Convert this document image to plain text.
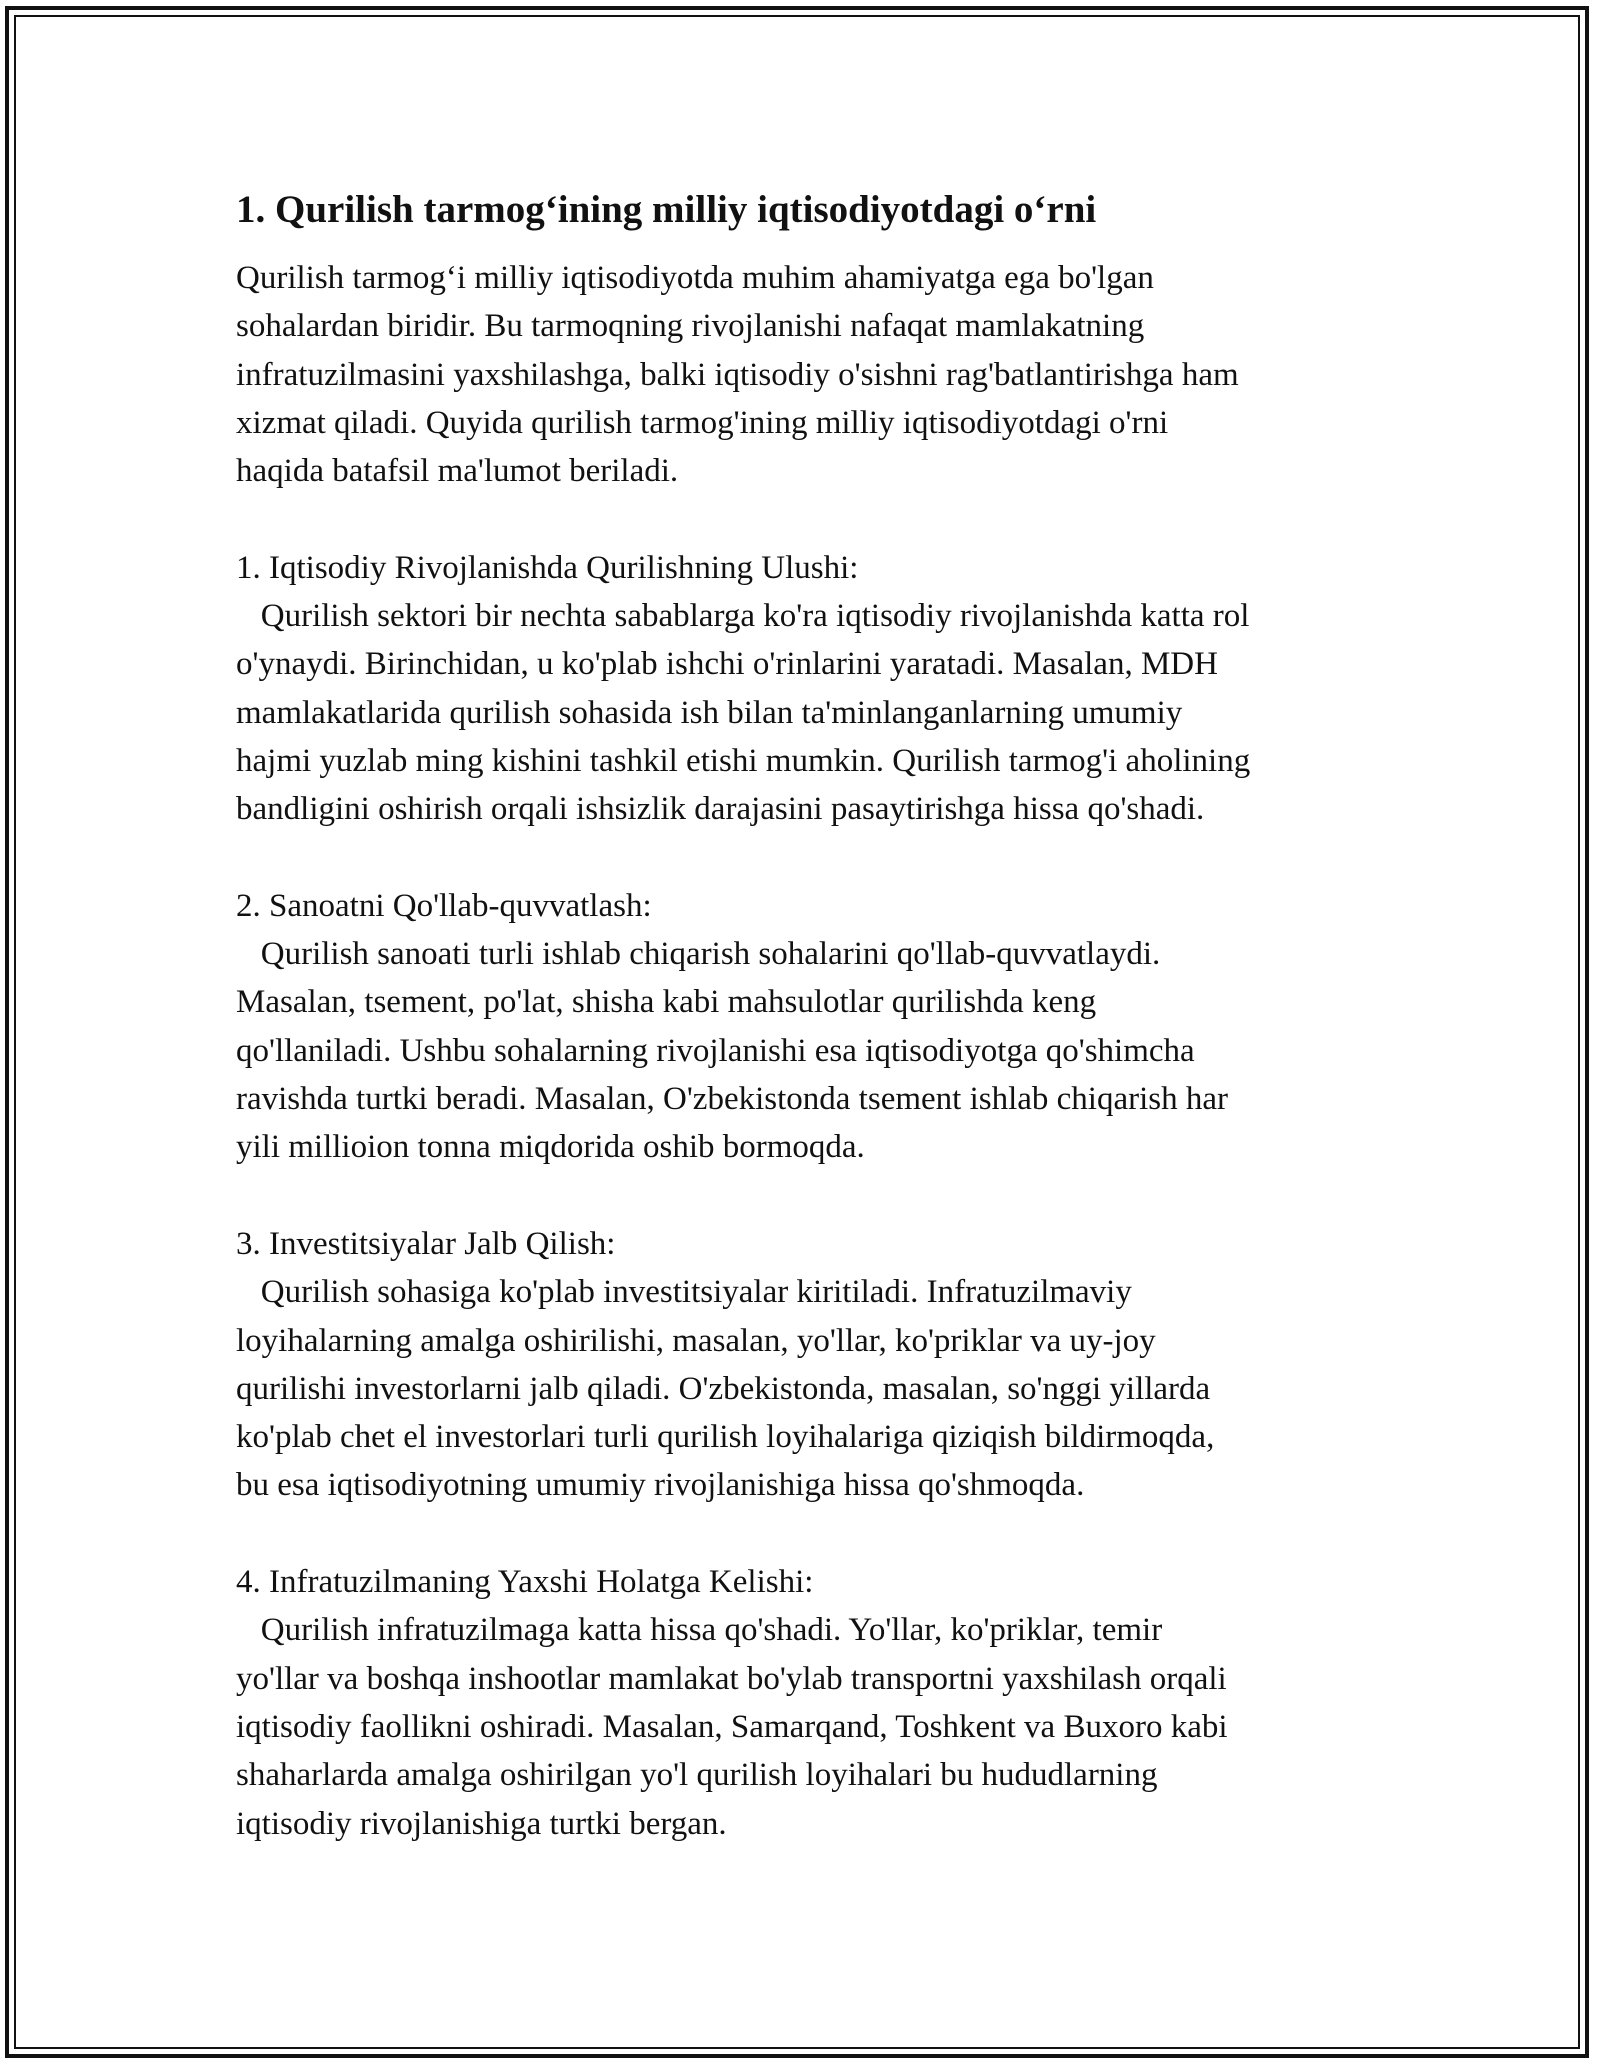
1. Qurilish tarmog‘ining milliy iqtisodiyotdagi o‘rni
Qurilish tarmog‘i milliy iqtisodiyotda muhim ahamiyatga ega bo'lgan
sohalardan biridir. Bu tarmoqning rivojlanishi nafaqat mamlakatning
infratuzilmasini yaxshilashga, balki iqtisodiy o'sishni rag'batlantirishga ham
xizmat qiladi. Quyida qurilish tarmog'ining milliy iqtisodiyotdagi o'rni
haqida batafsil ma'lumot beriladi.
1. Iqtisodiy Rivojlanishda Qurilishning Ulushi:
Qurilish sektori bir nechta sabablarga ko'ra iqtisodiy rivojlanishda katta rol
o'ynaydi. Birinchidan, u ko'plab ishchi o'rinlarini yaratadi. Masalan, MDH
mamlakatlarida qurilish sohasida ish bilan ta'minlanganlarning umumiy
hajmi yuzlab ming kishini tashkil etishi mumkin. Qurilish tarmog'i aholining
bandligini oshirish orqali ishsizlik darajasini pasaytirishga hissa qo'shadi.
2. Sanoatni Qo'llab-quvvatlash:
Qurilish sanoati turli ishlab chiqarish sohalarini qo'llab-quvvatlaydi.
Masalan, tsement, po'lat, shisha kabi mahsulotlar qurilishda keng
qo'llaniladi. Ushbu sohalarning rivojlanishi esa iqtisodiyotga qo'shimcha
ravishda turtki beradi. Masalan, O'zbekistonda tsement ishlab chiqarish har
yili millioion tonna miqdorida oshib bormoqda.
3. Investitsiyalar Jalb Qilish:
Qurilish sohasiga ko'plab investitsiyalar kiritiladi. Infratuzilmaviy
loyihalarning amalga oshirilishi, masalan, yo'llar, ko'priklar va uy-joy
qurilishi investorlarni jalb qiladi. O'zbekistonda, masalan, so'nggi yillarda
ko'plab chet el investorlari turli qurilish loyihalariga qiziqish bildirmoqda,
bu esa iqtisodiyotning umumiy rivojlanishiga hissa qo'shmoqda.
4. Infratuzilmaning Yaxshi Holatga Kelishi:
Qurilish infratuzilmaga katta hissa qo'shadi. Yo'llar, ko'priklar, temir
yo'llar va boshqa inshootlar mamlakat bo'ylab transportni yaxshilash orqali
iqtisodiy faollikni oshiradi. Masalan, Samarqand, Toshkent va Buxoro kabi
shaharlarda amalga oshirilgan yo'l qurilish loyihalari bu hududlarning
iqtisodiy rivojlanishiga turtki bergan.
